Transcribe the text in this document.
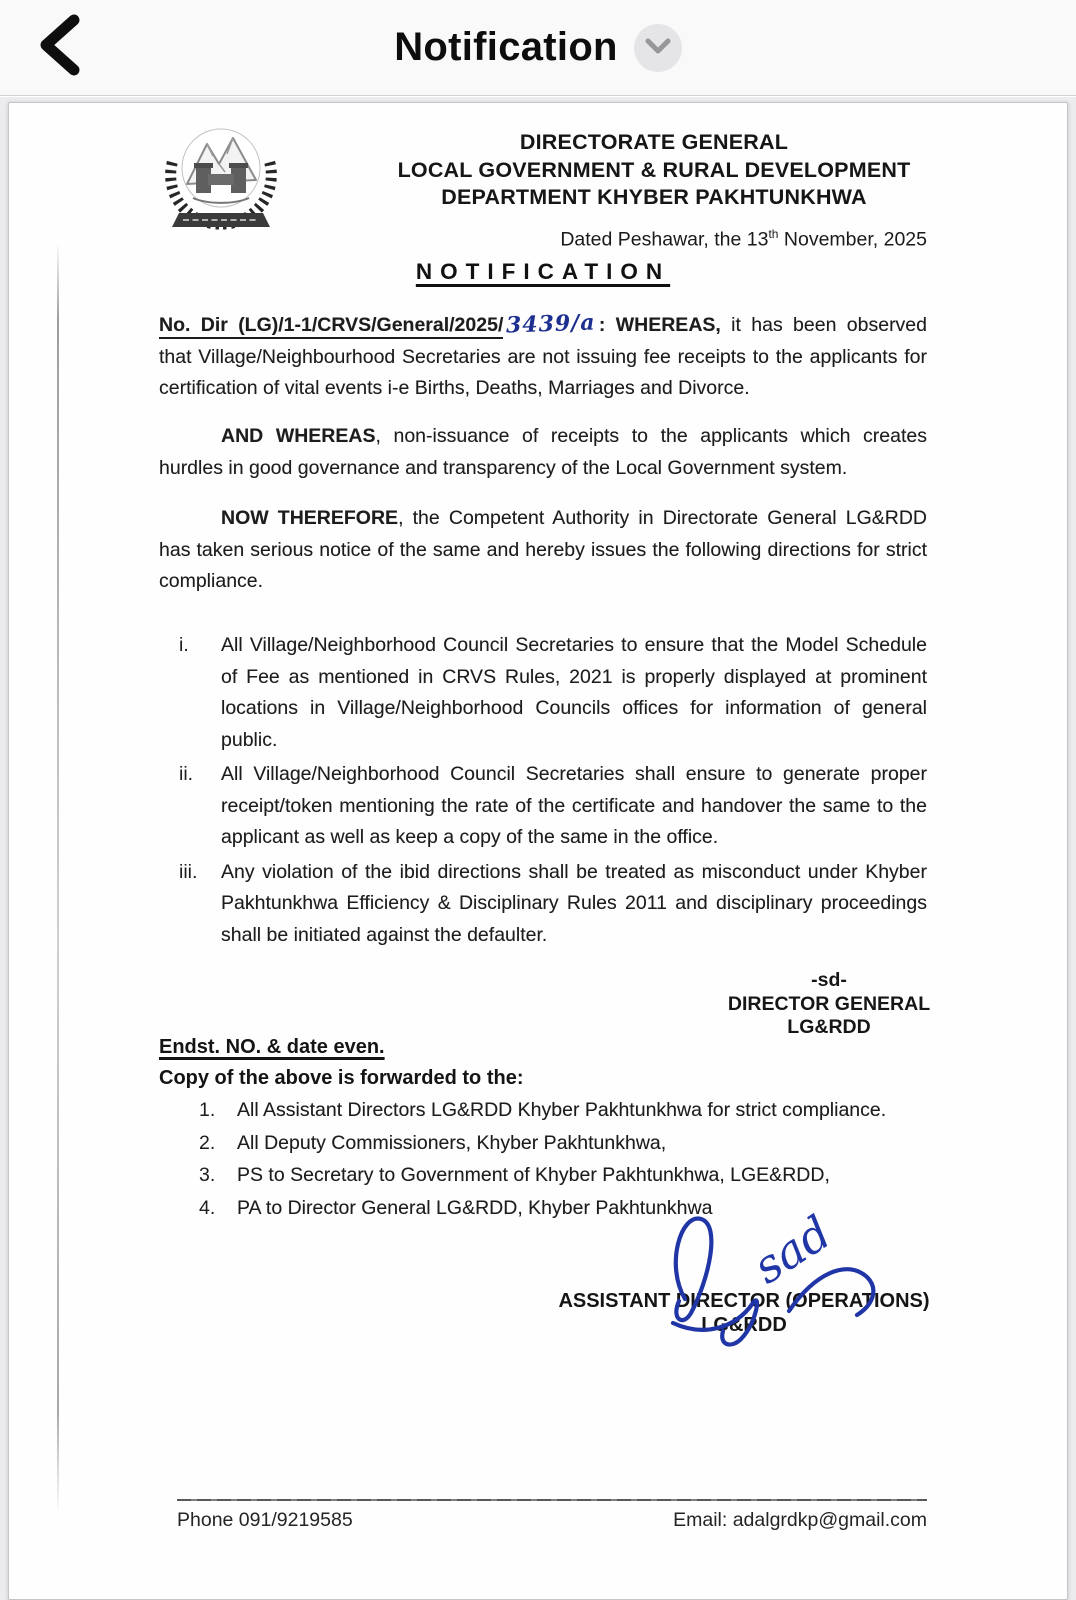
Notification
DIRECTORATE GENERAL
LOCAL GOVERNMENT & RURAL DEVELOPMENT
DEPARTMENT KHYBER PAKHTUNKHWA
Dated Peshawar, the 13th November, 2025
NOTIFICATION

No. Dir (LG)/1-1/CRVS/General/2025/ 3439/a : WHEREAS, it has been observed that Village/Neighbourhood Secretaries are not issuing fee receipts to the applicants for certification of vital events i-e Births, Deaths, Marriages and Divorce.

AND WHEREAS, non-issuance of receipts to the applicants which creates hurdles in good governance and transparency of the Local Government system.

NOW THEREFORE, the Competent Authority in Directorate General LG&RDD has taken serious notice of the same and hereby issues the following directions for strict compliance.

i.	All Village/Neighborhood Council Secretaries to ensure that the Model Schedule of Fee as mentioned in CRVS Rules, 2021 is properly displayed at prominent locations in Village/Neighborhood Councils offices for information of general public.
ii.	All Village/Neighborhood Council Secretaries shall ensure to generate proper receipt/token mentioning the rate of the certificate and handover the same to the applicant as well as keep a copy of the same in the office.
iii.	Any violation of the ibid directions shall be treated as misconduct under Khyber Pakhtunkhwa Efficiency & Disciplinary Rules 2011 and disciplinary proceedings shall be initiated against the defaulter.
-sd-
DIRECTOR GENERAL
LG&RDD
Endst. NO. & date even.
Copy of the above is forwarded to the:
1.	All Assistant Directors LG&RDD Khyber Pakhtunkhwa for strict compliance.
2.	All Deputy Commissioners, Khyber Pakhtunkhwa,
3.	PS to Secretary to Government of Khyber Pakhtunkhwa, LGE&RDD,
4.	PA to Director General LG&RDD, Khyber Pakhtunkhwa sad
ASSISTANT DIRECTOR (OPERATIONS)
LG&RDD
Phone 091/9219585	Email: adalgrdkp@gmail.com
